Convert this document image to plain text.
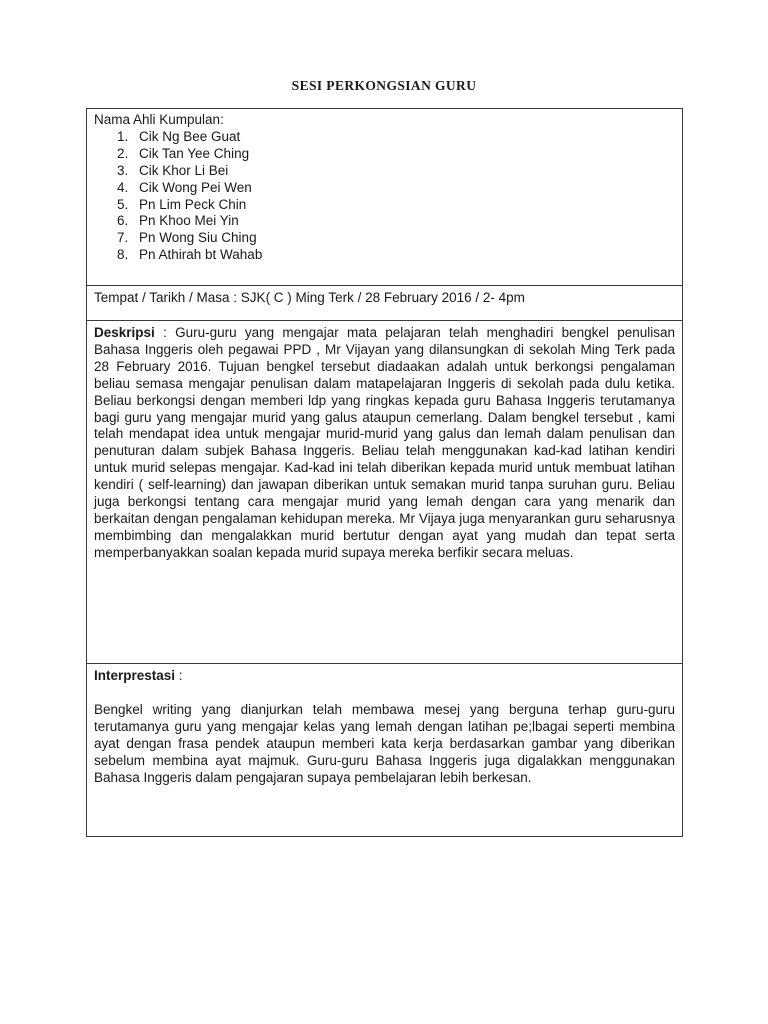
SESI PERKONGSIAN GURU
Nama Ahli Kumpulan:
1. Cik Ng Bee Guat
2. Cik Tan Yee Ching
3. Cik Khor Li Bei
4. Cik Wong Pei Wen
5. Pn Lim Peck Chin
6. Pn Khoo Mei Yin
7. Pn Wong Siu Ching
8. Pn Athirah bt Wahab
Tempat / Tarikh / Masa : SJK( C ) Ming Terk / 28 February 2016 / 2- 4pm
Deskripsi : Guru-guru yang mengajar mata pelajaran telah menghadiri bengkel penulisan Bahasa Inggeris oleh pegawai PPD , Mr Vijayan yang dilansungkan di sekolah Ming Terk pada 28 February 2016. Tujuan bengkel tersebut diadaakan adalah untuk berkongsi pengalaman beliau semasa mengajar penulisan dalam matapelajaran Inggeris di sekolah pada dulu ketika. Beliau berkongsi dengan memberi ldp yang ringkas kepada guru Bahasa Inggeris terutamanya bagi guru yang mengajar murid yang galus ataupun cemerlang. Dalam bengkel tersebut , kami telah mendapat idea untuk mengajar murid-murid yang galus dan lemah dalam penulisan dan penuturan dalam subjek Bahasa Inggeris. Beliau telah menggunakan kad-kad latihan kendiri untuk murid selepas mengajar. Kad-kad ini telah diberikan kepada murid untuk membuat latihan kendiri ( self-learning) dan jawapan diberikan untuk semakan murid tanpa suruhan guru. Beliau juga berkongsi tentang cara mengajar murid yang lemah dengan cara yang menarik dan berkaitan dengan pengalaman kehidupan mereka. Mr Vijaya juga menyarankan guru seharusnya membimbing dan mengalakkan murid bertutur dengan ayat yang mudah dan tepat serta memperbanyakkan soalan kepada murid supaya mereka berfikir secara meluas.
Interprestasi :
Bengkel writing yang dianjurkan telah membawa mesej yang berguna terhap guru-guru terutamanya guru yang mengajar kelas yang lemah dengan latihan pe;lbagai seperti membina ayat dengan frasa pendek ataupun memberi kata kerja berdasarkan gambar yang diberikan sebelum membina ayat majmuk. Guru-guru Bahasa Inggeris juga digalakkan menggunakan Bahasa Inggeris dalam pengajaran supaya pembelajaran lebih berkesan.
